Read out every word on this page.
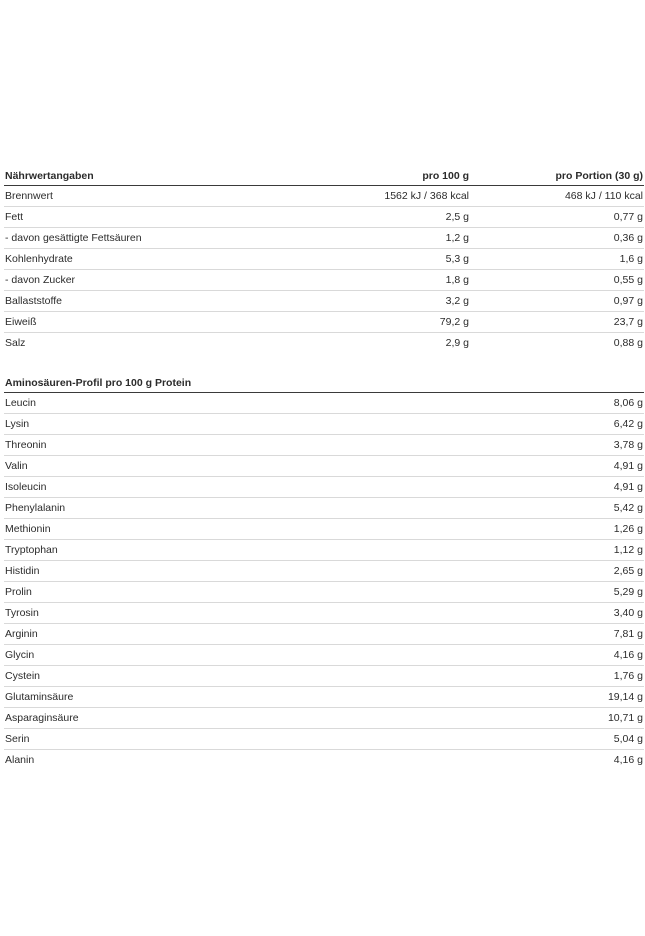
Nährwertangaben	pro 100 g	pro Portion (30 g)
Brennwert	1562 kJ / 368 kcal	468 kJ / 110 kcal
Fett	2,5 g	0,77 g
- davon gesättigte Fettsäuren	1,2 g	0,36 g
Kohlenhydrate	5,3 g	1,6 g
- davon Zucker	1,8 g	0,55 g
Ballaststoffe	3,2 g	0,97 g
Eiweiß	79,2 g	23,7 g
Salz	2,9 g	0,88 g
Aminosäuren-Profil pro 100 g Protein
Leucin	8,06 g
Lysin	6,42 g
Threonin	3,78 g
Valin	4,91 g
Isoleucin	4,91 g
Phenylalanin	5,42 g
Methionin	1,26 g
Tryptophan	1,12 g
Histidin	2,65 g
Prolin	5,29 g
Tyrosin	3,40 g
Arginin	7,81 g
Glycin	4,16 g
Cystein	1,76 g
Glutaminsäure	19,14 g
Asparaginsäure	10,71 g
Serin	5,04 g
Alanin	4,16 g
